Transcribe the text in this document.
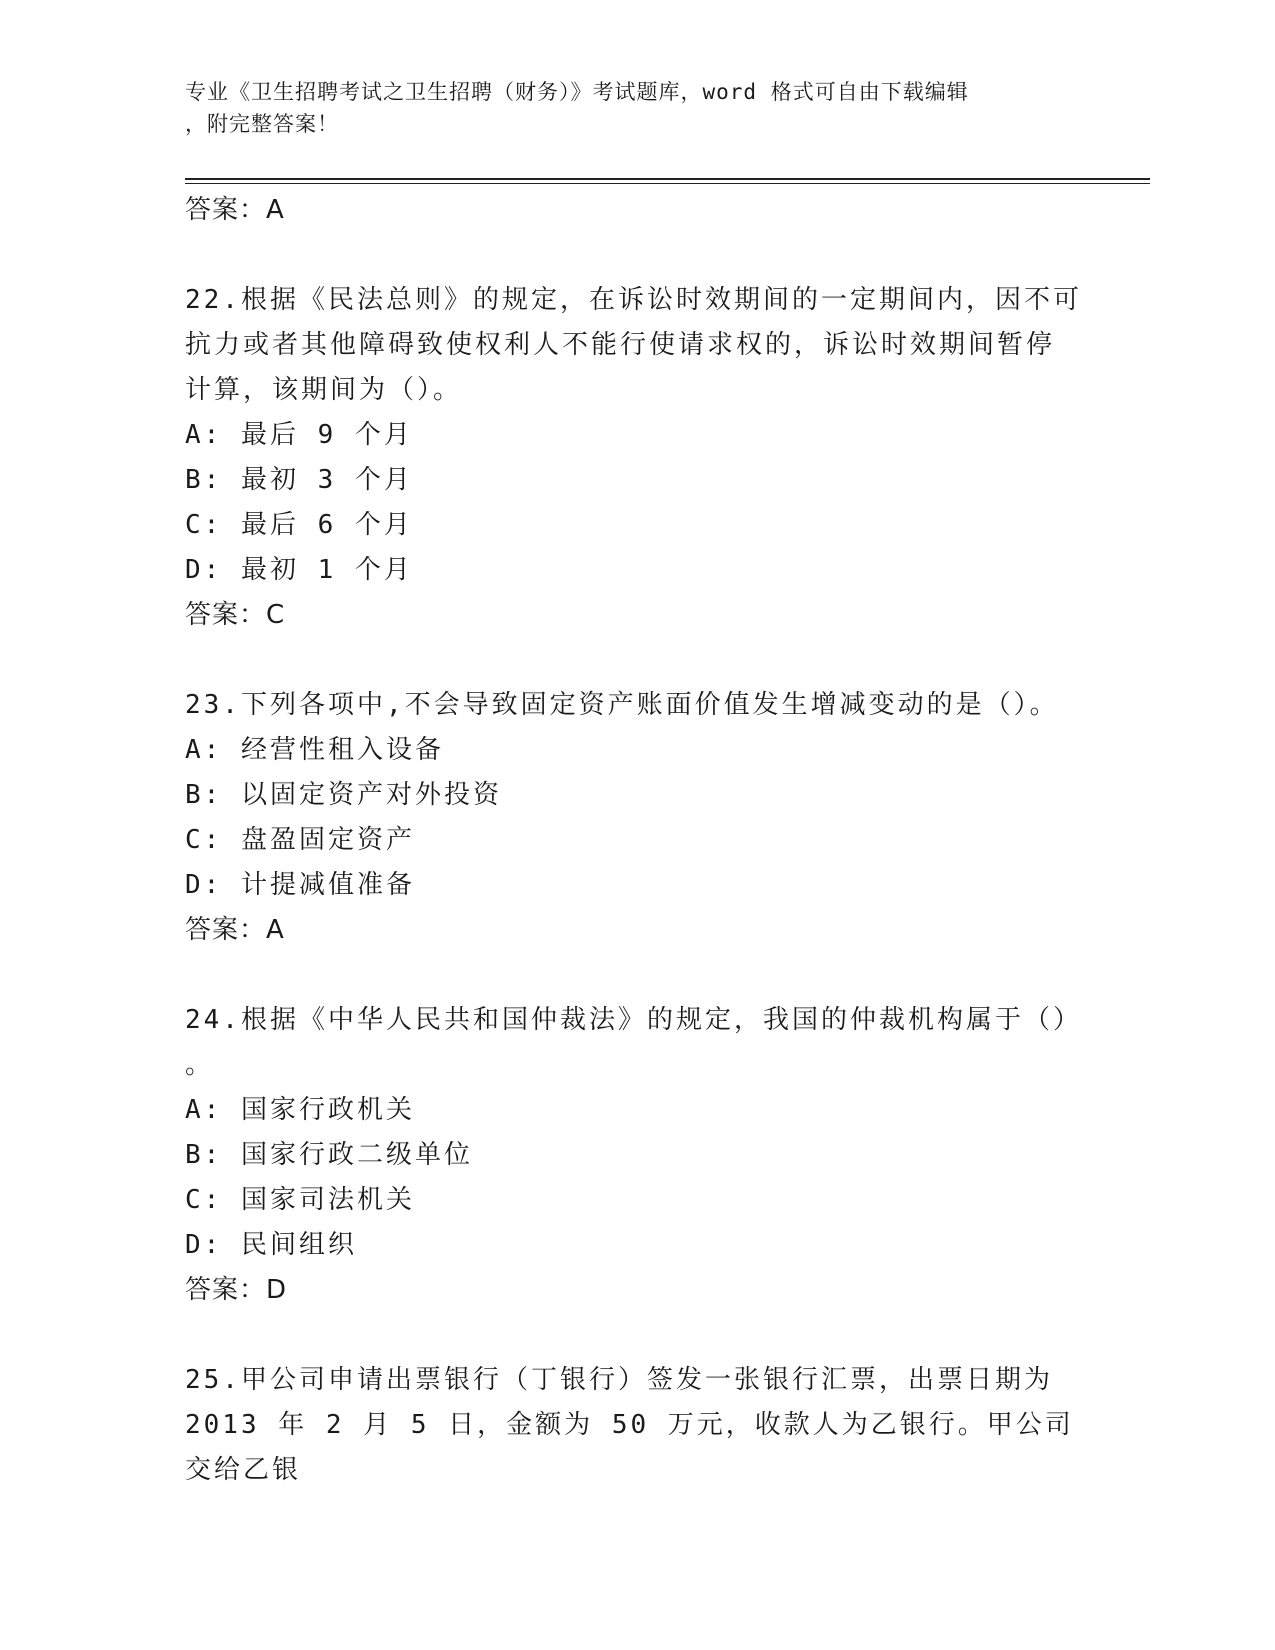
专业《卫生招聘考试之卫生招聘（财务）》考试题库，word 格式可自由下载编辑
，附完整答案！
答案：A
22.根据《民法总则》的规定，在诉讼时效期间的一定期间内，因不可
抗力或者其他障碍致使权利人不能行使请求权的，诉讼时效期间暂停
计算，该期间为（）。
A: 最后 9 个月
B: 最初 3 个月
C: 最后 6 个月
D: 最初 1 个月
答案：C
23.下列各项中,不会导致固定资产账面价值发生增减变动的是（）。
A: 经营性租入设备
B: 以固定资产对外投资
C: 盘盈固定资产
D: 计提减值准备
答案：A
24.根据《中华人民共和国仲裁法》的规定，我国的仲裁机构属于（）
。
A: 国家行政机关
B: 国家行政二级单位
C: 国家司法机关
D: 民间组织
答案：D
25.甲公司申请出票银行（丁银行）签发一张银行汇票，出票日期为
2013 年 2 月 5 日，金额为 50 万元，收款人为乙银行。甲公司交给乙银
